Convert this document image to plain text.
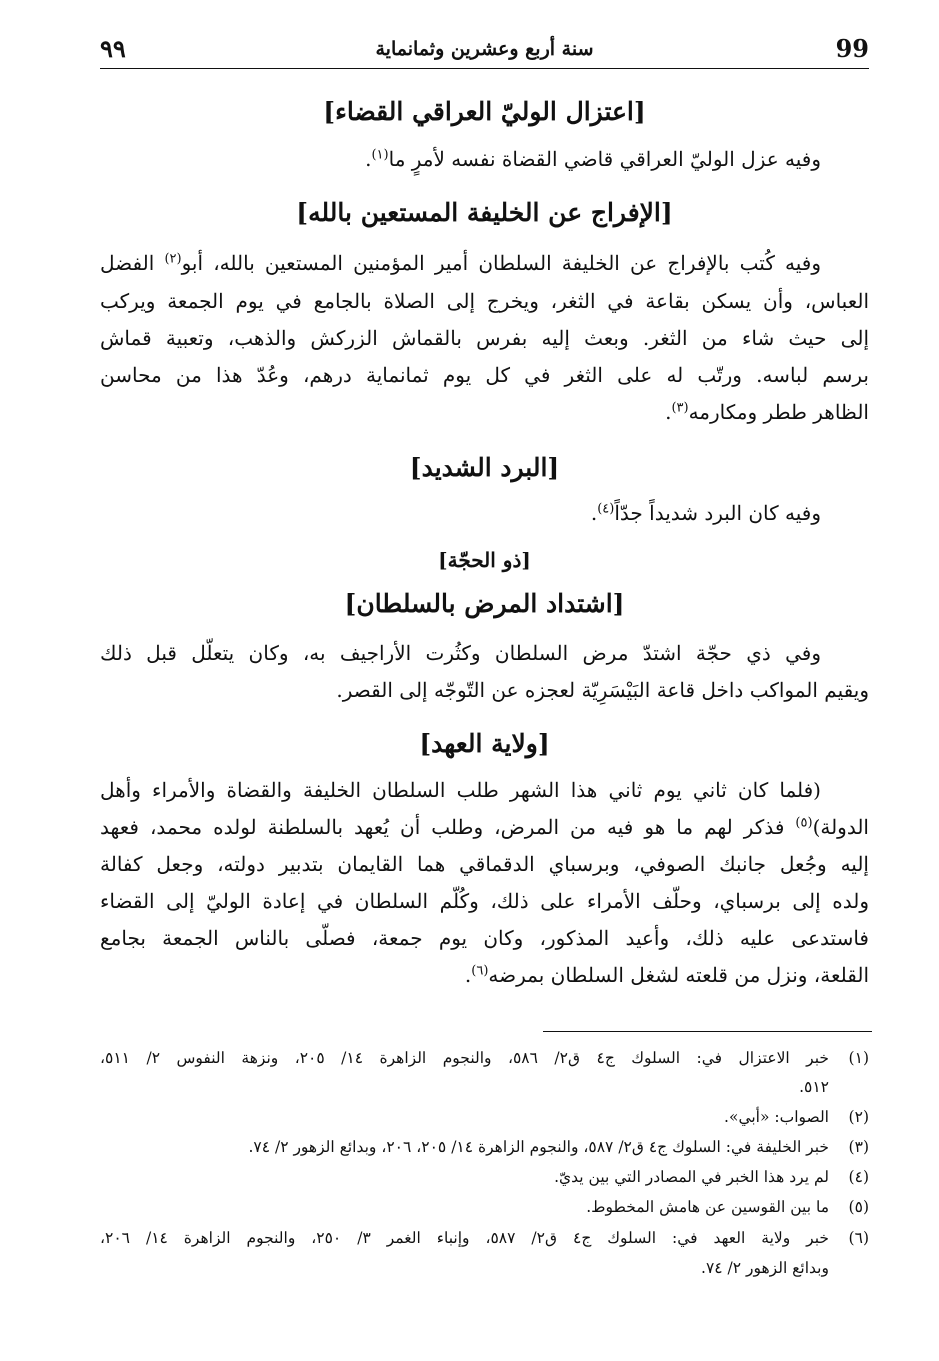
٩٩	سنة أربع وعشرين وثمانماية	99
[اعتزال الوليّ العراقي القضاء]
وفيه عزل الوليّ العراقي قاضي القضاة نفسه لأمرٍ ما$^{(١)}$.
[الإفراج عن الخليفة المستعين بالله]
وفيه كُتب بالإفراج عن الخليفة السلطان أمير المؤمنين المستعين بالله، أبو$^{(٢)}$ الفضل
العباس، وأن يسكن بقاعة في الثغر، ويخرج إلى الصلاة بالجامع في يوم الجمعة ويركب
إلى حيث شاء من الثغر. وبعث إليه بفرس بالقماش الزركش والذهب، وتعبية قماش
برسم لباسه. ورتّب له على الثغر في كل يوم ثمانماية درهم، وعُدّ هذا من محاسن
الظاهر ططر ومكارمه$^{(٣)}$.
[البرد الشديد]
وفيه كان البرد شديداً جدّاً$^{(٤)}$.
[ذو الحجّة]
[اشتداد المرض بالسلطان]
وفي ذي حجّة اشتدّ مرض السلطان وكثُرت الأراجيف به، وكان يتعلّل قبل ذلك
ويقيم المواكب داخل قاعة البَيْسَرِيّة لعجزه عن التّوجّه إلى القصر.
[ولاية العهد]
(فلما كان ثاني يوم ثاني هذا الشهر طلب السلطان الخليفة والقضاة والأمراء وأهل
الدولة)$^{(٥)}$ فذكر لهم ما هو فيه من المرض، وطلب أن يُعهد بالسلطنة لولده محمد، فعهد
إليه وجُعل جانبك الصوفي، وبرسباي الدقماقي هما القايمان بتدبير دولته، وجعل كفالة
ولده إلى برسباي، وحلّف الأمراء على ذلك، وكُلّم السلطان في إعادة الوليّ إلى القضاء
فاستدعى عليه ذلك، وأعيد المذكور، وكان يوم جمعة، فصلّى بالناس الجمعة بجامع
القلعة، ونزل من قلعته لشغل السلطان بمرضه$^{(٦)}$.
(١)خبر الاعتزال في: السلوك ج٤ ق٢/ ٥٨٦، والنجوم الزاهرة ١٤/ ٢٠٥، ونزهة النفوس ٢/ ٥١١،
٥١٢.
(٢)الصواب: «أبي».
(٣)خبر الخليفة في: السلوك ج٤ ق٢/ ٥٨٧، والنجوم الزاهرة ١٤/ ٢٠٥، ٢٠٦، وبدائع الزهور ٢/ ٧٤.
(٤)لم يرد هذا الخبر في المصادر التي بين يديّ.
(٥)ما بين القوسين عن هامش المخطوط.
(٦)خبر ولاية العهد في: السلوك ج٤ ق٢/ ٥٨٧، وإنباء الغمر ٣/ ٢٥٠، والنجوم الزاهرة ١٤/ ٢٠٦،
وبدائع الزهور ٢/ ٧٤.
